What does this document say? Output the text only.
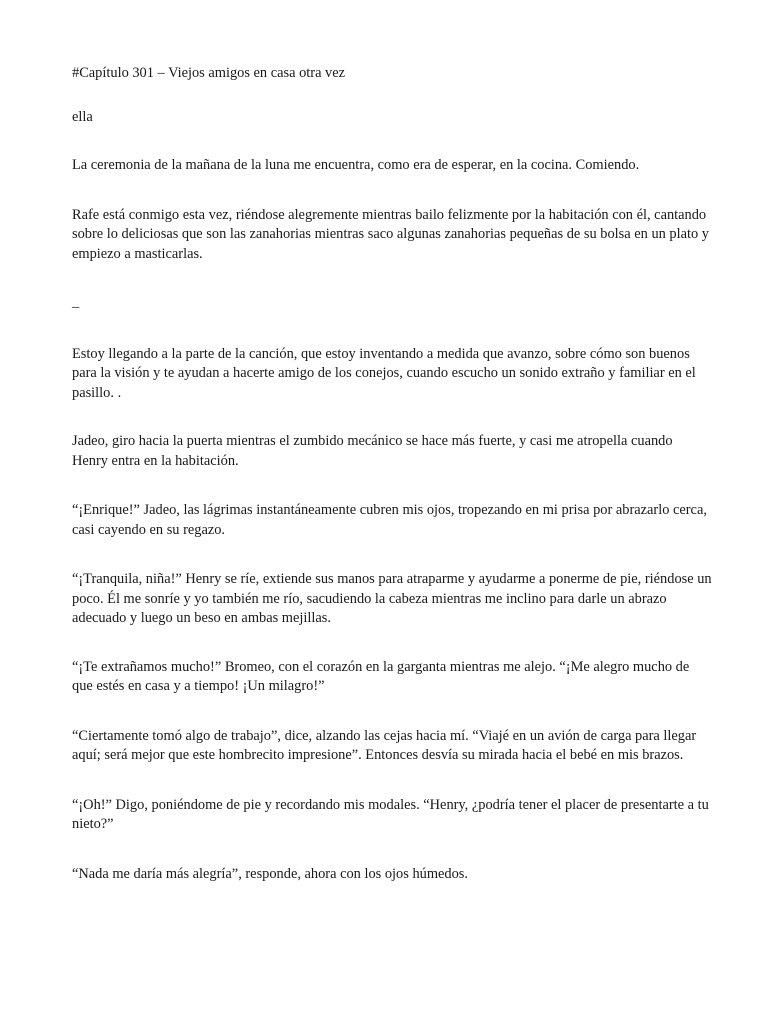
#Capítulo 301 – Viejos amigos en casa otra vez

ella

La ceremonia de la mañana de la luna me encuentra, como era de esperar, en la cocina. Comiendo.

Rafe está conmigo esta vez, riéndose alegremente mientras bailo felizmente por la habitación con él, cantando sobre lo deliciosas que son las zanahorias mientras saco algunas zanahorias pequeñas de su bolsa en un plato y empiezo a masticarlas.

_

Estoy llegando a la parte de la canción, que estoy inventando a medida que avanzo, sobre cómo son buenos para la visión y te ayudan a hacerte amigo de los conejos, cuando escucho un sonido extraño y familiar en el pasillo. .

Jadeo, giro hacia la puerta mientras el zumbido mecánico se hace más fuerte, y casi me atropella cuando Henry entra en la habitación.

“¡Enrique!” Jadeo, las lágrimas instantáneamente cubren mis ojos, tropezando en mi prisa por abrazarlo cerca, casi cayendo en su regazo.

“¡Tranquila, niña!” Henry se ríe, extiende sus manos para atraparme y ayudarme a ponerme de pie, riéndose un poco. Él me sonríe y yo también me río, sacudiendo la cabeza mientras me inclino para darle un abrazo adecuado y luego un beso en ambas mejillas.

“¡Te extrañamos mucho!” Bromeo, con el corazón en la garganta mientras me alejo. “¡Me alegro mucho de que estés en casa y a tiempo! ¡Un milagro!”

“Ciertamente tomó algo de trabajo”, dice, alzando las cejas hacia mí. “Viajé en un avión de carga para llegar aquí; será mejor que este hombrecito impresione”. Entonces desvía su mirada hacia el bebé en mis brazos.

“¡Oh!” Digo, poniéndome de pie y recordando mis modales. “Henry, ¿podría tener el placer de presentarte a tu nieto?”

“Nada me daría más alegría”, responde, ahora con los ojos húmedos.
